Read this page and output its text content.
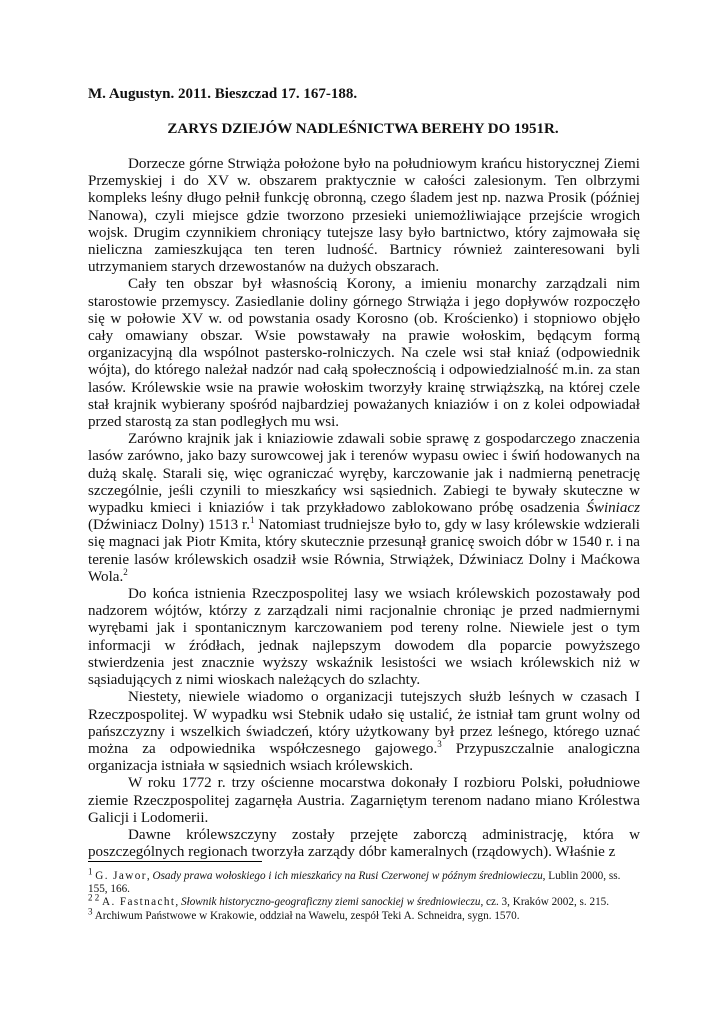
M. Augustyn. 2011. Bieszczad 17. 167-188.
ZARYS DZIEJÓW NADLEŚNICTWA BEREHY DO 1951R.

Dorzecze górne Strwiąża położone było na południowym krańcu historycznej Ziemi Przemyskiej i do XV w. obszarem praktycznie w całości zalesionym. Ten olbrzymi kompleks leśny długo pełnił funkcję obronną, czego śladem jest np. nazwa Prosik (później Nanowa), czyli miejsce gdzie tworzono przesieki uniemożliwiające przejście wrogich wojsk. Drugim czynnikiem chroniący tutejsze lasy było bartnictwo, który zajmowała się nieliczna zamieszkująca ten teren ludność. Bartnicy również zainteresowani byli utrzymaniem starych drzewostanów na dużych obszarach.

Cały ten obszar był własnością Korony, a imieniu monarchy zarządzali nim starostowie przemyscy. Zasiedlanie doliny górnego Strwiąża i jego dopływów rozpoczęło się w połowie XV w. od powstania osady Korosno (ob. Krościenko) i stopniowo objęło cały omawiany obszar. Wsie powstawały na prawie wołoskim, będącym formą organizacyjną dla wspólnot pastersko-rolniczych. Na czele wsi stał kniaź (odpowiednik wójta), do którego należał nadzór nad całą społecznością i odpowiedzialność m.in. za stan lasów. Królewskie wsie na prawie wołoskim tworzyły krainę strwiąższką, na której czele stał krajnik wybierany spośród najbardziej poważanych kniaziów i on z kolei odpowiadał przed starostą za stan podległych mu wsi.

Zarówno krajnik jak i kniaziowie zdawali sobie sprawę z gospodarczego znaczenia lasów zarówno, jako bazy surowcowej jak i terenów wypasu owiec i świń hodowanych na dużą skalę. Starali się, więc ograniczać wyręby, karczowanie jak i nadmierną penetrację szczególnie, jeśli czynili to mieszkańcy wsi sąsiednich. Zabiegi te bywały skuteczne w wypadku kmieci i kniaziów i tak przykładowo zablokowano próbę osadzenia Świniacz (Dźwiniacz Dolny) 1513 r.$^1$ Natomiast trudniejsze było to, gdy w lasy królewskie wdzierali się magnaci jak Piotr Kmita, który skutecznie przesunął granicę swoich dóbr w 1540 r. i na terenie lasów królewskich osadził wsie Równia, Strwiążek, Dźwiniacz Dolny i Maćkowa Wola.$^2$

Do końca istnienia Rzeczpospolitej lasy we wsiach królewskich pozostawały pod nadzorem wójtów, którzy z zarządzali nimi racjonalnie chroniąc je przed nadmiernymi wyrębami jak i spontanicznym karczowaniem pod tereny rolne. Niewiele jest o tym informacji w źródłach, jednak najlepszym dowodem dla poparcie powyższego stwierdzenia jest znacznie wyższy wskaźnik lesistości we wsiach królewskich niż w sąsiadujących z nimi wioskach należących do szlachty.

Niestety, niewiele wiadomo o organizacji tutejszych służb leśnych w czasach I Rzeczpospolitej. W wypadku wsi Stebnik udało się ustalić, że istniał tam grunt wolny od pańszczyzny i wszelkich świadczeń, który użytkowany był przez leśnego, którego uznać można za odpowiednika współczesnego gajowego.$^3$ Przypuszczalnie analogiczna organizacja istniała w sąsiednich wsiach królewskich.

W roku 1772 r. trzy ościenne mocarstwa dokonały I rozbioru Polski, południowe ziemie Rzeczpospolitej zagarnęła Austria. Zagarniętym terenom nadano miano Królestwa Galicji i Lodomerii.

Dawne królewszczyny zostały przejęte zaborczą administrację, która w poszczególnych regionach tworzyła zarządy dóbr kameralnych (rządowych). Właśnie z

$^1$ G. Jawor, Osady prawa wołoskiego i ich mieszkańcy na Rusi Czerwonej w późnym średniowieczu, Lublin 2000, ss. 155, 166.

$^{2 2}$ A. Fastnacht, Słownik historyczno-geograficzny ziemi sanockiej w średniowieczu, cz. 3, Kraków 2002, s. 215.

$^3$ Archiwum Państwowe w Krakowie, oddział na Wawelu, zespół Teki A. Schneidra, sygn. 1570.
